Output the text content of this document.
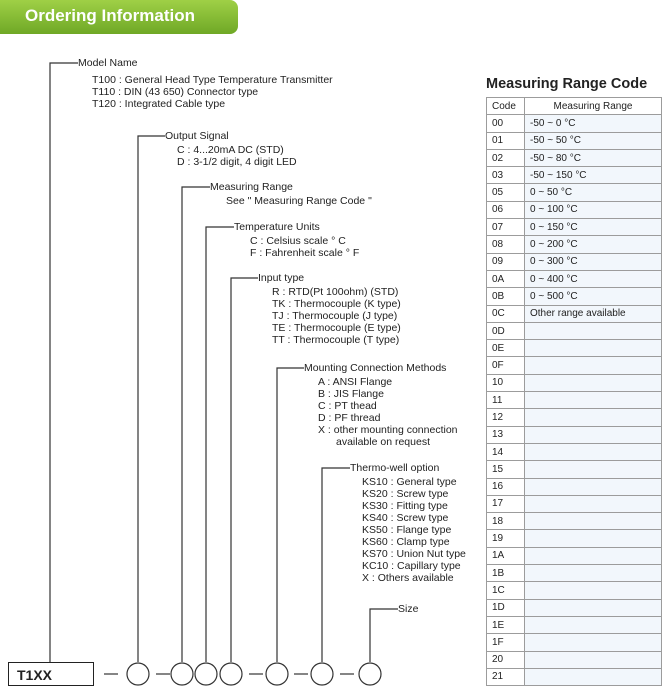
Ordering Information
Model Name
T100 : General Head Type Temperature Transmitter
T110 : DIN (43 650) Connector type
T120 : Integrated Cable type
Output Signal
C : 4...20mA DC (STD)
D : 3-1/2 digit, 4 digit LED
Measuring Range
See " Measuring Range Code "
Temperature Units
C : Celsius scale ° C
F : Fahrenheit scale ° F
Input type
R : RTD(Pt 100ohm) (STD)
TK : Thermocouple (K type)
TJ : Thermocouple (J type)
TE : Thermocouple (E type)
TT : Thermocouple (T type)
Mounting Connection Methods
A : ANSI Flange
B : JIS Flange
C : PT thead
D : PF thread
X : other mounting connection
available on request
Thermo-well option
KS10 : General type
KS20 : Screw type
KS30 : Fitting type
KS40 : Screw type
KS50 : Flange type
KS60 : Clamp type
KS70 : Union Nut type
KC10 : Capillary type
X : Others available
Size
T1XX
Measuring Range Code
Code	Measuring Range
00	-50 ~ 0 °C
01	-50 ~ 50 °C
02	-50 ~ 80 °C
03	-50 ~ 150 °C
05	0 ~ 50 °C
06	0 ~ 100 °C
07	0 ~ 150 °C
08	0 ~ 200 °C
09	0 ~ 300 °C
0A	0 ~ 400 °C
0B	0 ~ 500 °C
0C	Other range available
0D	
0E	
0F	
10	
11	
12	
13	
14	
15	
16	
17	
18	
19	
1A	
1B	
1C	
1D	
1E	
1F	
20	
21	
